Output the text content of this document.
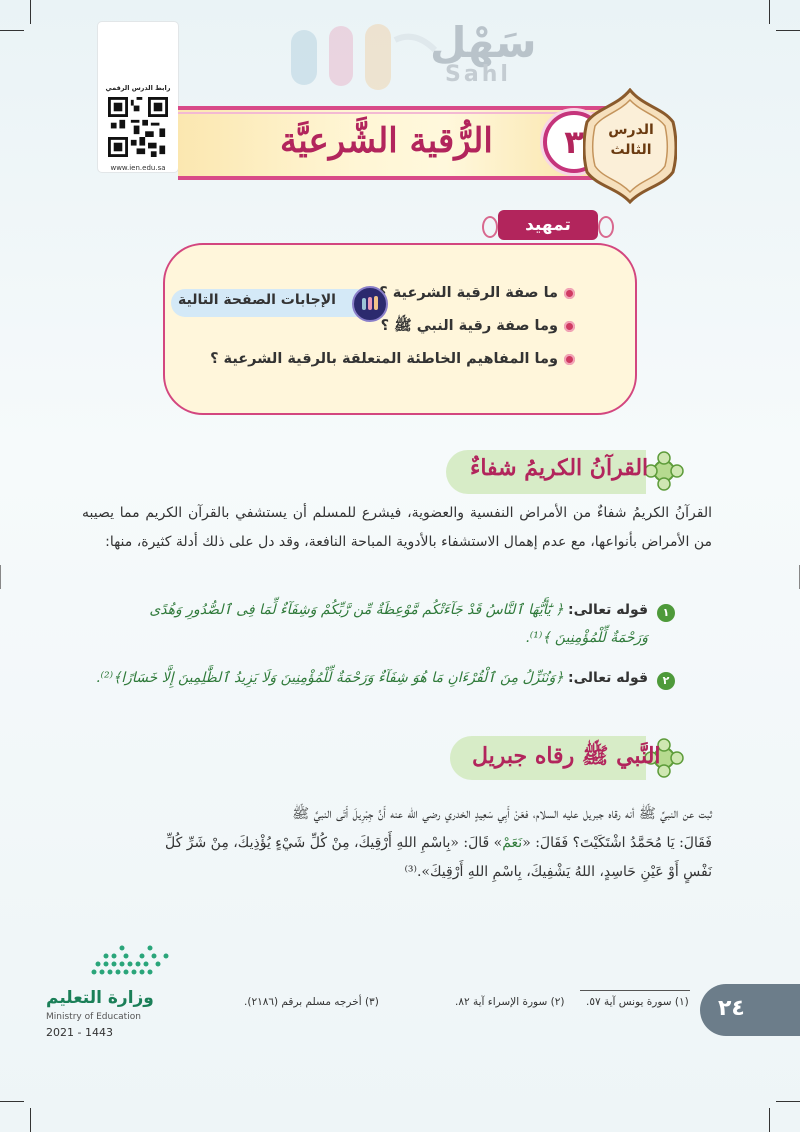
سَهْل
Sahl
رابط الدرس الرقمي
www.ien.edu.sa
الرُّقية الشَّرعيَّة	٣	الدرس
الثالث
تمهيد
ما صفة الرقية الشرعية ؟
وما صفة رقية النبي ﷺ ؟
وما المفاهيم الخاطئة المتعلقة بالرقية الشرعية ؟
الإجابات الصفحة التالية
القرآنُ الكريمُ شفاءٌ
القرآنُ الكريمُ شفاءٌ من الأمراض النفسية والعضوية، فيشرع للمسلم أن يستشفي بالقرآن الكريم مما يصيبه من الأمراض بأنواعها، مع عدم إهمال الاستشفاء بالأدوية المباحة النافعة، وقد دل على ذلك أدلة كثيرة، منها:
١
قوله تعالى: ﴿ يَٰٓأَيُّهَا ٱلنَّاسُ قَدْ جَآءَتْكُم مَّوْعِظَةٌ مِّن رَّبِّكُمْ وَشِفَآءٌ لِّمَا فِى ٱلصُّدُورِ وَهُدًى
وَرَحْمَةٌ لِّلْمُؤْمِنِينَ ﴾⁽¹⁾.
٢
قوله تعالى: ﴿وَنُنَزِّلُ مِنَ ٱلْقُرْءَانِ مَا هُوَ شِفَآءٌ وَرَحْمَةٌ لِّلْمُؤْمِنِينَ وَلَا يَزِيدُ ٱلظَّٰلِمِينَ إِلَّا خَسَارًا﴾⁽²⁾.
النَّبي ﷺ رقاه جبريل
ثبت عن النبيِّ ﷺ أنه رقاه جبريل عليه السلام، فعَنْ أَبِي سَعِيدٍ الخدري رضي الله عنه أَنَّ جِبْرِيلَ أَتَى النبيَّ ﷺ
فَقَالَ: يَا مُحَمَّدُ اشْتَكَيْتَ؟ فَقَالَ: «نَعَمْ» قَالَ: «بِاسْمِ اللهِ أَرْقِيكَ، مِنْ كُلِّ شَيْءٍ يُؤْذِيكَ، مِنْ شَرِّ كُلِّ
نَفْسٍ أَوْ عَيْنِ حَاسِدٍ، اللهُ يَشْفِيكَ، بِاسْمِ اللهِ أَرْقِيكَ».⁽³⁾
(١) سورة يونس آية ٥٧.
(٢) سورة الإسراء آية ٨٢.
(٣) أخرجه مسلم برقم (٢١٨٦).	٢٤
وزارة التعليم
Ministry of Education
2021 - 1443
